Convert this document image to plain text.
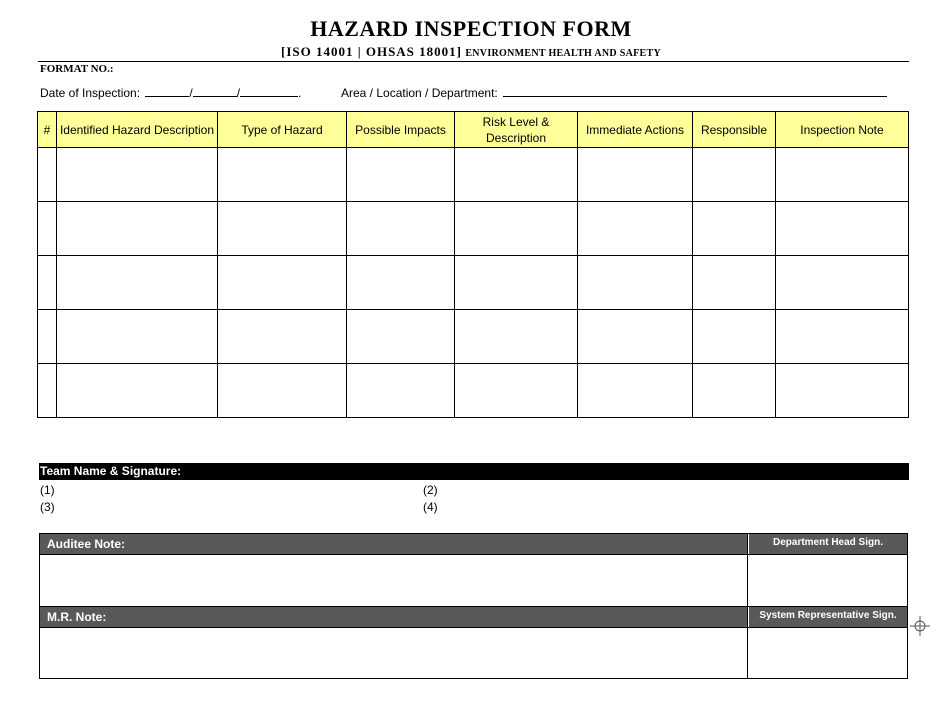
HAZARD INSPECTION FORM
[ISO 14001 | OHSAS 18001] ENVIRONMENT HEALTH AND SAFETY
FORMAT NO.:
Date of Inspection:	/	/	.	Area / Location / Department:
#	Identified Hazard Description	Type of Hazard	Possible Impacts	Risk Level & Description	Immediate Actions	Responsible	Inspection Note

Team Name & Signature:
(1)	(2)
(3)	(4)
Auditee Note:	Department Head Sign.
M.R. Note:	System Representative Sign.
